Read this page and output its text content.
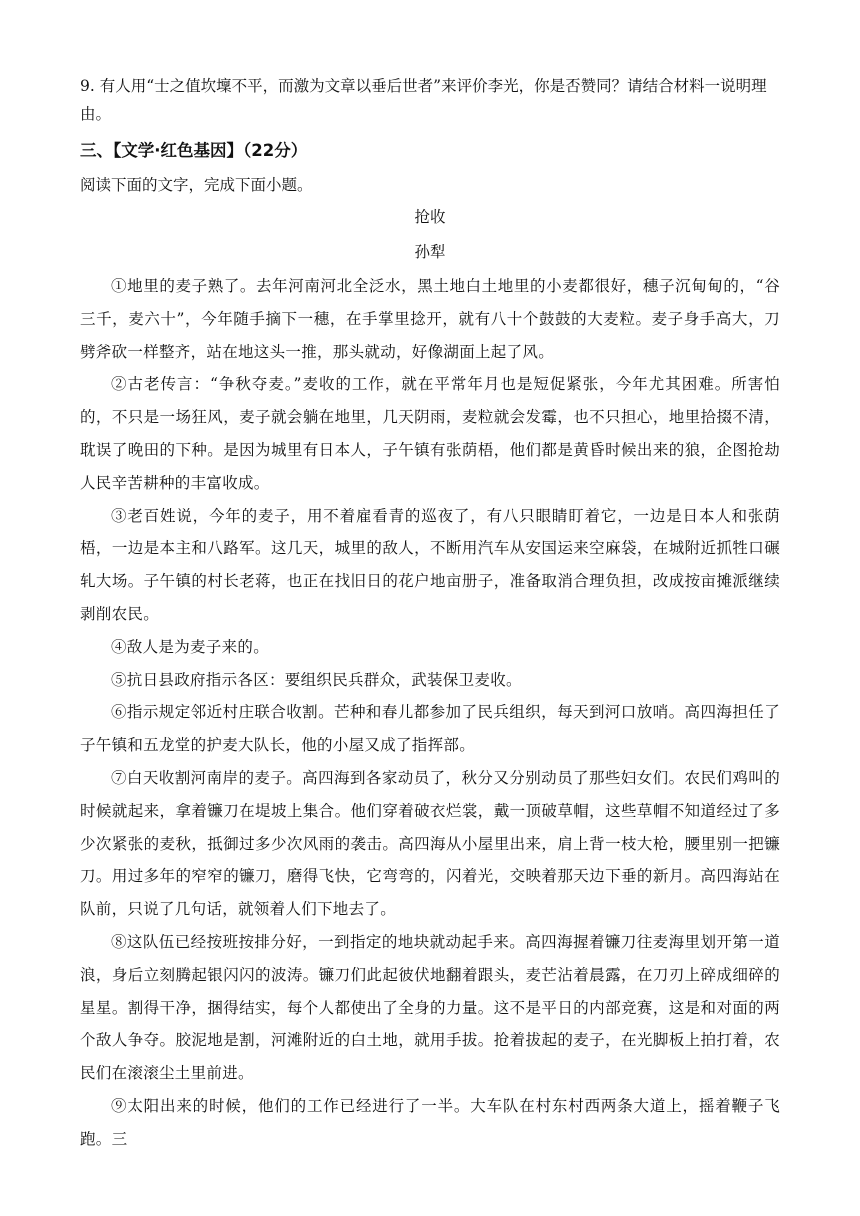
9. 有人用“士之值坎壈不平，而激为文章以垂后世者”来评价李光，你是否赞同？请结合材料一说明理由。
三、【文学·红色基因】（22分）
阅读下面的文字，完成下面小题。
抢收
孙犁

①地里的麦子熟了。去年河南河北全泛水，黑土地白土地里的小麦都很好，穗子沉甸甸的，“谷三千，麦六十”，今年随手摘下一穗，在手掌里捻开，就有八十个鼓鼓的大麦粒。麦子身手高大，刀劈斧砍一样整齐，站在地这头一推，那头就动，好像湖面上起了风。

②古老传言：“争秋夺麦。”麦收的工作，就在平常年月也是短促紧张，今年尤其困难。所害怕的，不只是一场狂风，麦子就会躺在地里，几天阴雨，麦粒就会发霉，也不只担心，地里拾掇不清，耽误了晚田的下种。是因为城里有日本人，子午镇有张荫梧，他们都是黄昏时候出来的狼，企图抢劫人民辛苦耕种的丰富收成。

③老百姓说，今年的麦子，用不着雇看青的巡夜了，有八只眼睛盯着它，一边是日本人和张荫梧，一边是本主和八路军。这几天，城里的敌人，不断用汽车从安国运来空麻袋，在城附近抓牲口碾轧大场。子午镇的村长老蒋，也正在找旧日的花户地亩册子，准备取消合理负担，改成按亩摊派继续剥削农民。

④敌人是为麦子来的。

⑤抗日县政府指示各区：要组织民兵群众，武装保卫麦收。

⑥指示规定邻近村庄联合收割。芒种和春儿都参加了民兵组织，每天到河口放哨。高四海担任了子午镇和五龙堂的护麦大队长，他的小屋又成了指挥部。

⑦白天收割河南岸的麦子。高四海到各家动员了，秋分又分别动员了那些妇女们。农民们鸡叫的时候就起来，拿着镰刀在堤坡上集合。他们穿着破衣烂裳，戴一顶破草帽，这些草帽不知道经过了多少次紧张的麦秋，抵御过多少次风雨的袭击。高四海从小屋里出来，肩上背一枝大枪，腰里别一把镰刀。用过多年的窄窄的镰刀，磨得飞快，它弯弯的，闪着光，交映着那天边下垂的新月。高四海站在队前，只说了几句话，就领着人们下地去了。

⑧这队伍已经按班按排分好，一到指定的地块就动起手来。高四海握着镰刀往麦海里划开第一道浪，身后立刻腾起银闪闪的波涛。镰刀们此起彼伏地翻着跟头，麦芒沾着晨露，在刀刃上碎成细碎的星星。割得干净，捆得结实，每个人都使出了全身的力量。这不是平日的内部竞赛，这是和对面的两个敌人争夺。胶泥地是割，河滩附近的白土地，就用手拔。抢着拔起的麦子，在光脚板上拍打着，农民们在滚滚尘土里前进。

⑨太阳出来的时候，他们的工作已经进行了一半。大车队在村东村西两条大道上，摇着鞭子飞跑。三
